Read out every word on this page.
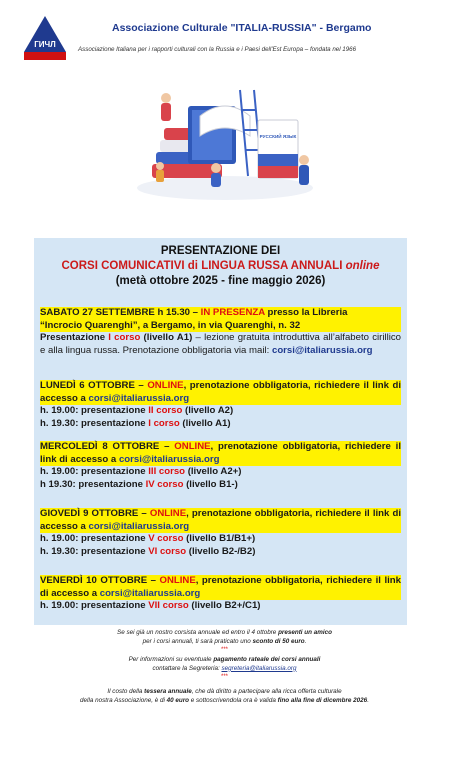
ГИЧЛ
Associazione Culturale "ITALIA-RUSSIA" - Bergamo
Associazione Italiana per i rapporti culturali con la Russia e i Paesi dell'Est Europa – fondata nel 1966
РУССКИЙ ЯЗЫК
PRESENTAZIONE DEI
CORSI COMUNICATIVI di LINGUA RUSSA ANNUALI online
(metà ottobre 2025 - fine maggio 2026)
SABATO 27 SETTEMBRE h 15.30 – IN PRESENZA presso la Libreria
“Incrocio Quarenghi”, a Bergamo, in via Quarenghi, n. 32
Presentazione I corso (livello A1) – lezione gratuita introduttiva all’alfabeto cirillico e alla lingua russa. Prenotazione obbligatoria via mail: corsi@italiarussia.org
LUNEDÌ 6 OTTOBRE – ONLINE, prenotazione obbligatoria, richiedere il link di accesso a corsi@italiarussia.org
h. 19.00: presentazione II corso (livello A2)
h. 19.30: presentazione I corso (livello A1)
MERCOLEDÌ 8 OTTOBRE – ONLINE, prenotazione obbligatoria, richiedere il link di accesso a corsi@italiarussia.org
h. 19.00: presentazione III corso (livello A2+)
h 19.30: presentazione IV corso (livello B1-)
GIOVEDÌ 9 OTTOBRE – ONLINE, prenotazione obbligatoria, richiedere il link di accesso a corsi@italiarussia.org
h. 19.00: presentazione V corso (livello B1/B1+)
h. 19.30: presentazione VI corso (livello B2-/B2)
VENERDÌ 10 OTTOBRE – ONLINE, prenotazione obbligatoria, richiedere il link di accesso a corsi@italiarussia.org
h. 19.00: presentazione VII corso (livello B2+/C1)
Se sei già un nostro corsista annuale ed entro il 4 ottobre presenti un amico
per i corsi annuali, ti sarà praticato uno sconto di 50 euro.
***
Per informazioni su eventuale pagamento rateale dei corsi annuali
contattare la Segreteria: segreteria@italiarussia.org
***
Il costo della tessera annuale, che dà diritto a partecipare alla ricca offerta culturale
della nostra Associazione, è di 40 euro e sottoscrivendola ora è valida fino alla fine di dicembre 2026.
